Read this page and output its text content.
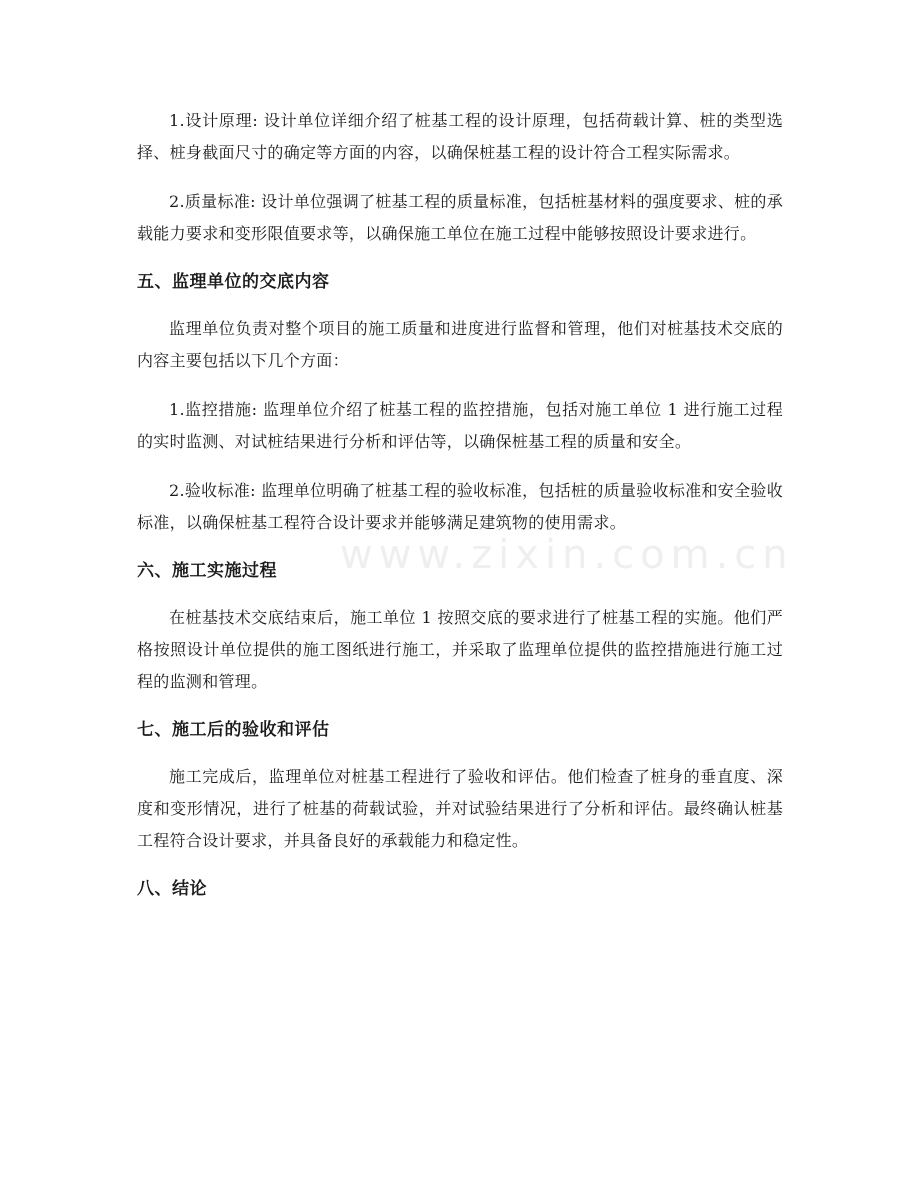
1.设计原理: 设计单位详细介绍了桩基工程的设计原理，包括荷载计算、桩的类型选择、桩身截面尺寸的确定等方面的内容，以确保桩基工程的设计符合工程实际需求。

2.质量标准: 设计单位强调了桩基工程的质量标准，包括桩基材料的强度要求、桩的承载能力要求和变形限值要求等，以确保施工单位在施工过程中能够按照设计要求进行。

五、监理单位的交底内容

监理单位负责对整个项目的施工质量和进度进行监督和管理，他们对桩基技术交底的内容主要包括以下几个方面：

1.监控措施: 监理单位介绍了桩基工程的监控措施，包括对施工单位 1 进行施工过程的实时监测、对试桩结果进行分析和评估等，以确保桩基工程的质量和安全。

2.验收标准: 监理单位明确了桩基工程的验收标准，包括桩的质量验收标准和安全验收标准，以确保桩基工程符合设计要求并能够满足建筑物的使用需求。

六、施工实施过程

在桩基技术交底结束后，施工单位 1 按照交底的要求进行了桩基工程的实施。他们严格按照设计单位提供的施工图纸进行施工，并采取了监理单位提供的监控措施进行施工过程的监测和管理。

七、施工后的验收和评估

施工完成后，监理单位对桩基工程进行了验收和评估。他们检查了桩身的垂直度、深度和变形情况，进行了桩基的荷载试验，并对试验结果进行了分析和评估。最终确认桩基工程符合设计要求，并具备良好的承载能力和稳定性。

八、结论
www.zixin.com.cn
